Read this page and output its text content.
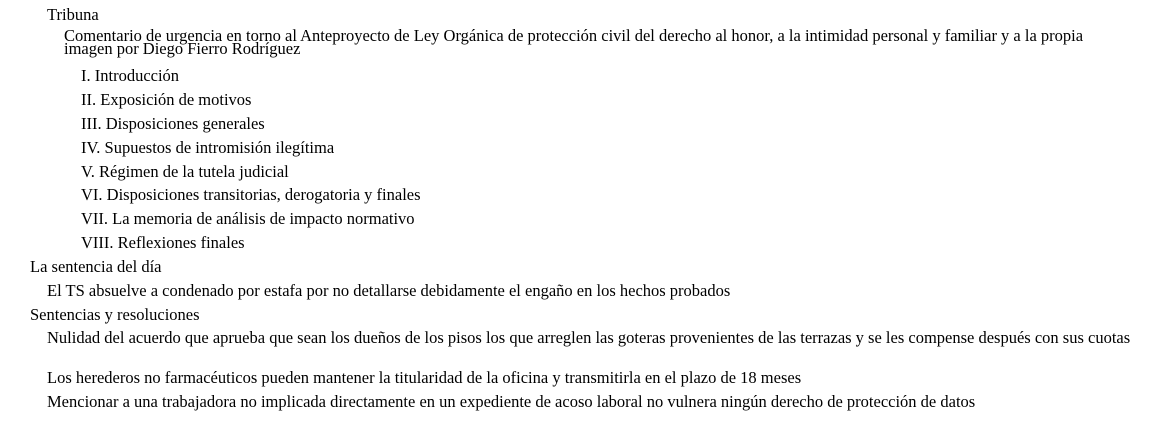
Tribuna
Comentario de urgencia en torno al Anteproyecto de Ley Orgánica de protección civil del derecho al honor, a la intimidad personal y familiar y a la propia imagen por Diego Fierro Rodríguez
I. Introducción
II. Exposición de motivos
III. Disposiciones generales
IV. Supuestos de intromisión ilegítima
V. Régimen de la tutela judicial
VI. Disposiciones transitorias, derogatoria y finales
VII. La memoria de análisis de impacto normativo
VIII. Reflexiones finales
La sentencia del día
El TS absuelve a condenado por estafa por no detallarse debidamente el engaño en los hechos probados
Sentencias y resoluciones
Nulidad del acuerdo que aprueba que sean los dueños de los pisos los que arreglen las goteras provenientes de las terrazas y se les compense después con sus cuotas
Los herederos no farmacéuticos pueden mantener la titularidad de la oficina y transmitirla en el plazo de 18 meses
Mencionar a una trabajadora no implicada directamente en un expediente de acoso laboral no vulnera ningún derecho de protección de datos
